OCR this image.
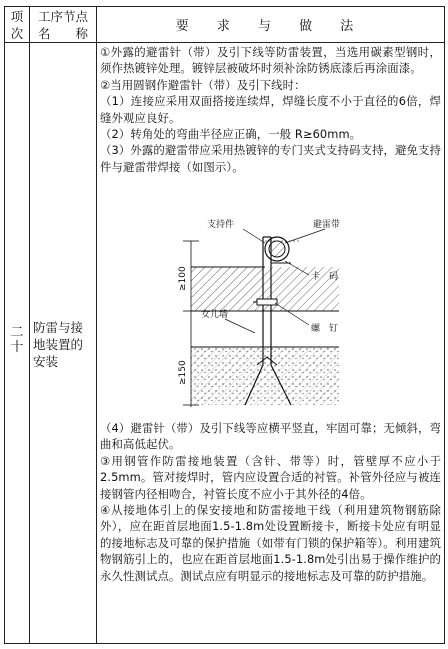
项
次
工序节点
名　　称	要 求 与 做 法
二
十
防雷与接地装置的安装

①外露的避雷针（带）及引下线等防雷装置，当选用碳素型钢时，须作热镀锌处理。镀锌层被破坏时须补涂防锈底漆后再涂面漆。

②当用圆钢作避雷针（带）及引下线时：

（1）连接应采用双面搭接连续焊，焊缝长度不小于直径的6倍，焊缝外观应良好。

（2）转角处的弯曲半径应正确，一般 R≥60mm。

（3）外露的避雷带应采用热镀锌的专门夹式支持码支持，避免支持件与避雷带焊接（如图示）。

支持件	避雷带
卡　码
螺　钉
女儿墙
≥100
≥150

（4）避雷针（带）及引下线等应横平竖直，牢固可靠；无倾斜，弯曲和高低起伏。

③用钢管作防雷接地装置（含针、带等）时，管壁厚不应小于2.5mm。管对接焊时，管内应设置合适的衬管。补管外径应与被连接钢管内径相吻合，衬管长度不应小于其外径的4倍。

④从接地体引上的保安接地和防雷接地干线（利用建筑物钢筋除外），应在距首层地面1.5-1.8m处设置断接卡，断接卡处应有明显的接地标志及可靠的保护措施（如带有门锁的保护箱等）。利用建筑物钢筋引上的，也应在距首层地面1.5-1.8m处引出易于操作维护的永久性测试点。测试点应有明显示的接地标志及可靠的防护措施。
